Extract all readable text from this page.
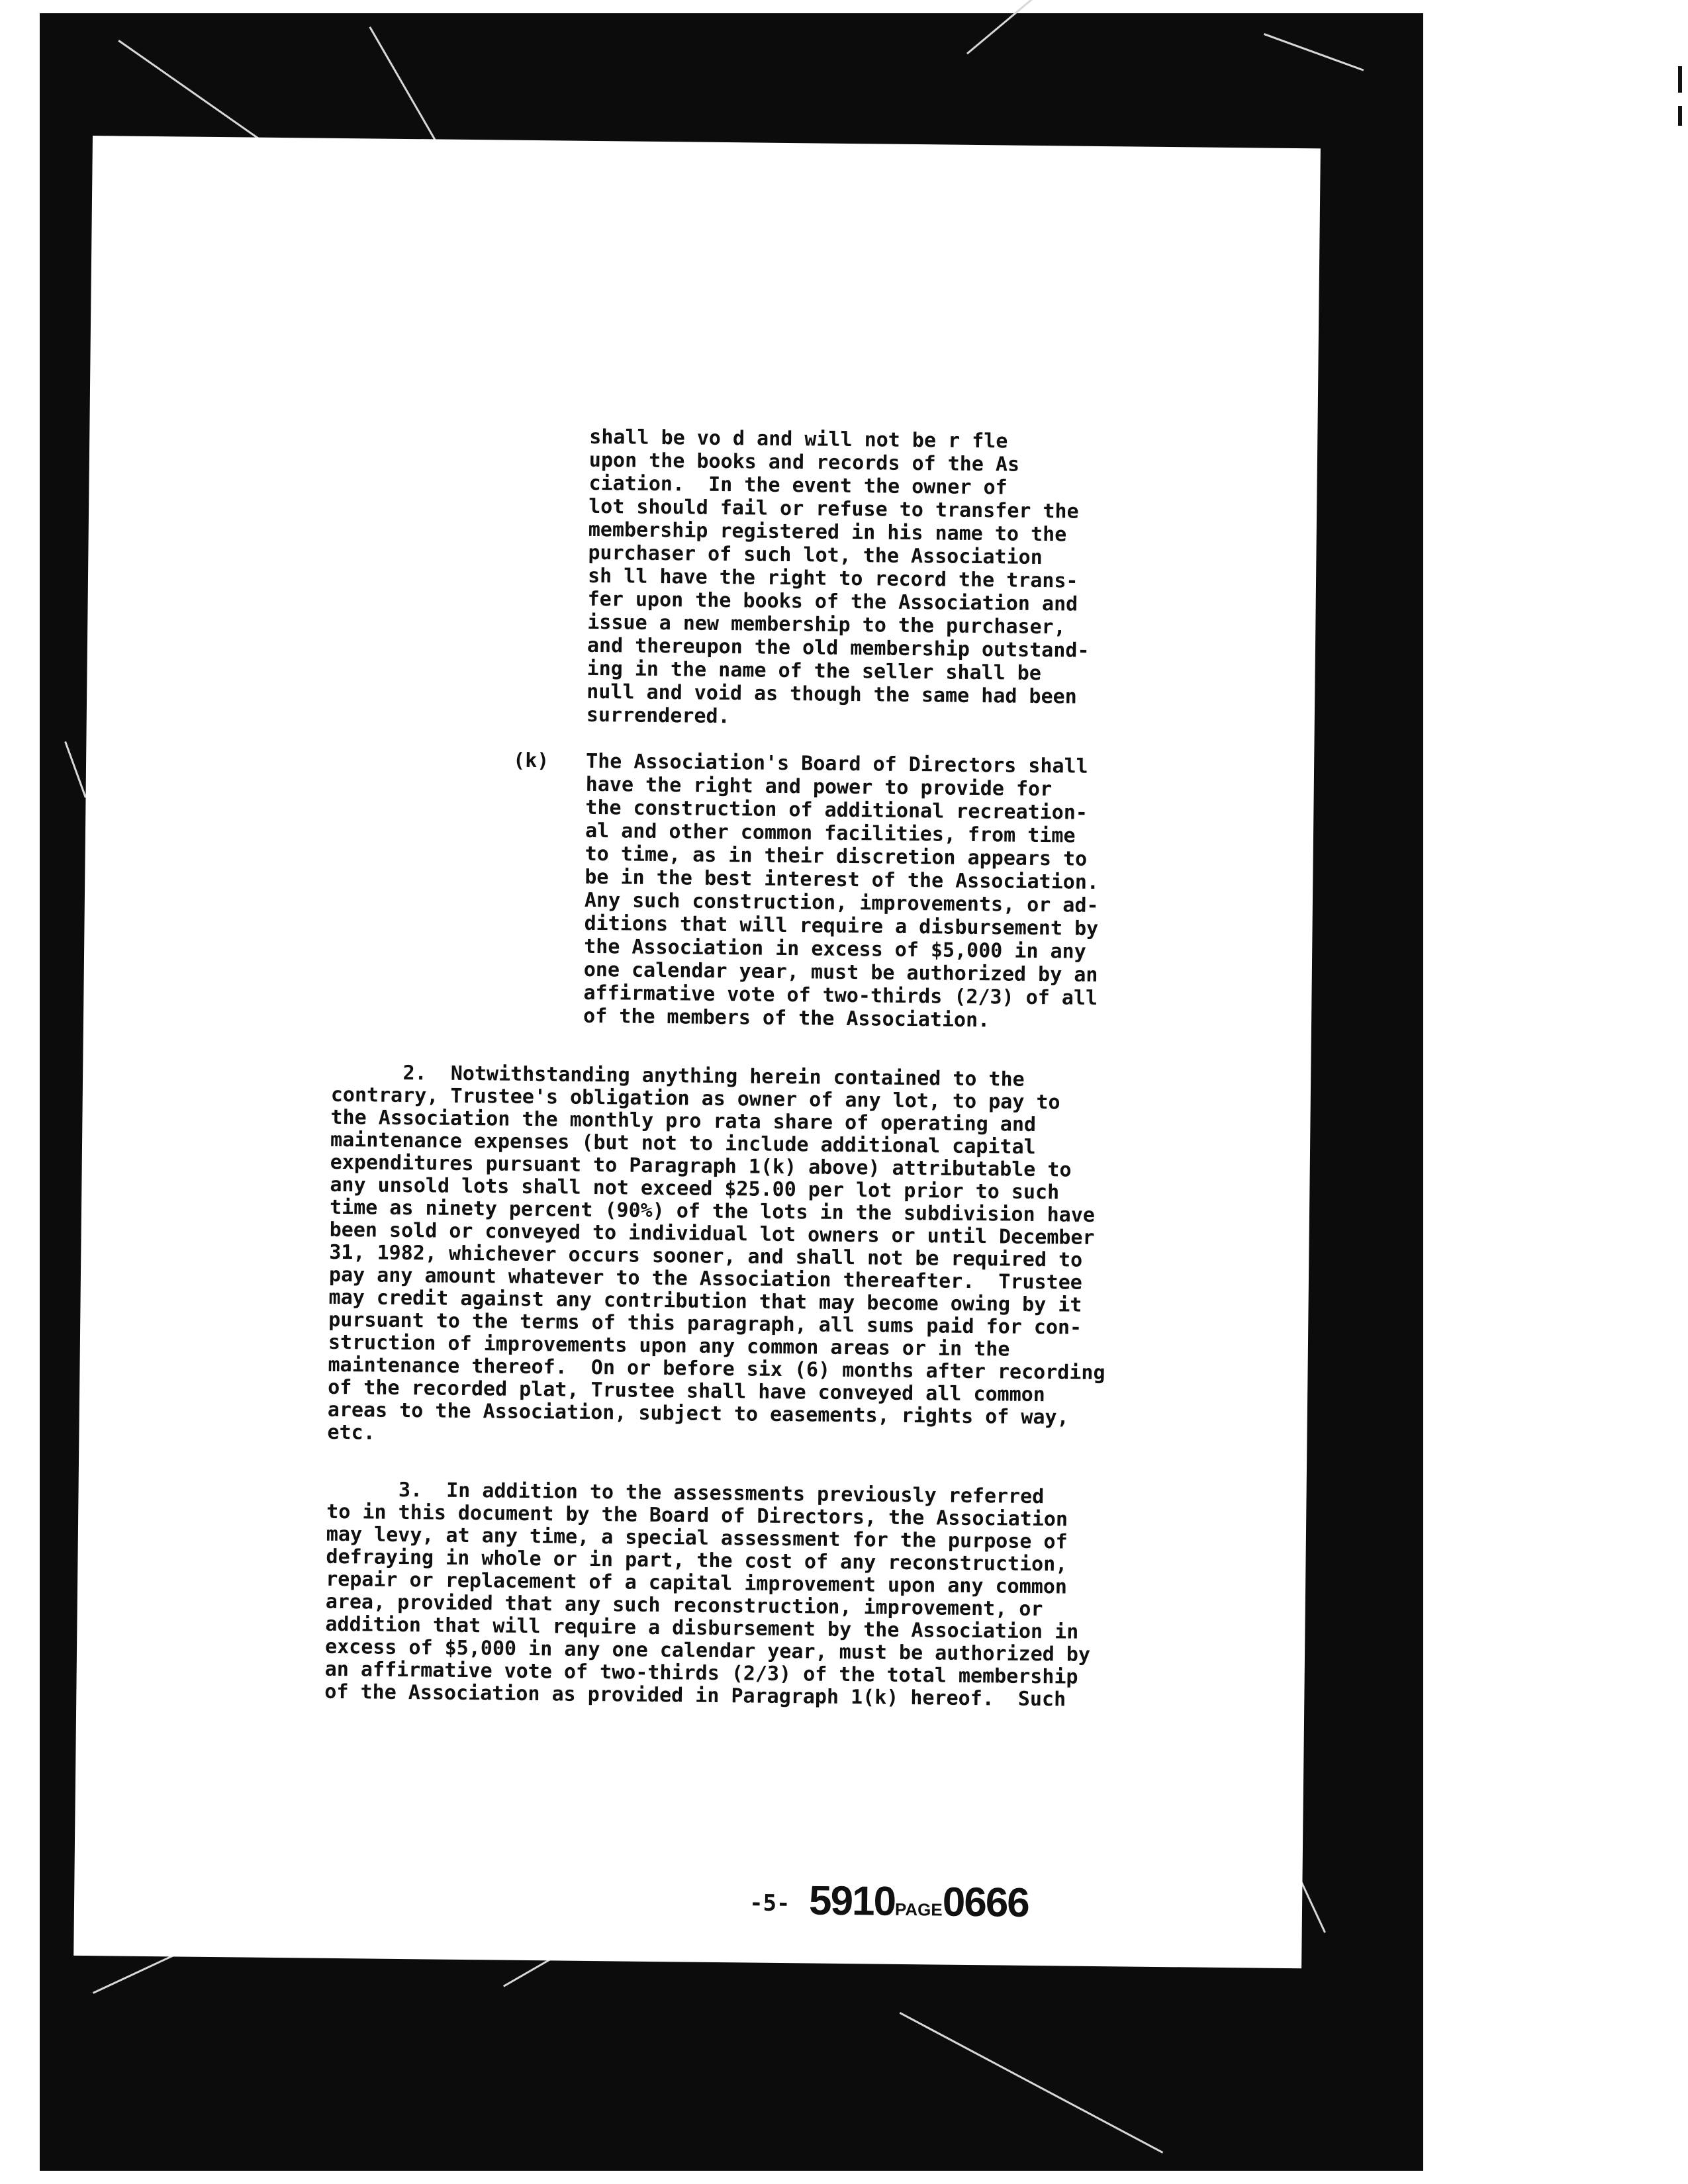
shall be vo d and will not be r fle
upon the books and records of the As
ciation.  In the event the owner of
lot should fail or refuse to transfer the
membership registered in his name to the
purchaser of such lot, the Association
sh ll have the right to record the trans-
fer upon the books of the Association and
issue a new membership to the purchaser,
and thereupon the old membership outstand-
ing in the name of the seller shall be
null and void as though the same had been
surrendered.

(k) The Association's Board of Directors shall
have the right and power to provide for
the construction of additional recreation-
al and other common facilities, from time
to time, as in their discretion appears to
be in the best interest of the Association.
Any such construction, improvements, or ad-
ditions that will require a disbursement by
the Association in excess of $5,000 in any
one calendar year, must be authorized by an
affirmative vote of two-thirds (2/3) of all
of the members of the Association.

2.  Notwithstanding anything herein contained to the
contrary, Trustee's obligation as owner of any lot, to pay to
the Association the monthly pro rata share of operating and
maintenance expenses (but not to include additional capital
expenditures pursuant to Paragraph 1(k) above) attributable to
any unsold lots shall not exceed $25.00 per lot prior to such
time as ninety percent (90%) of the lots in the subdivision have
been sold or conveyed to individual lot owners or until December
31, 1982, whichever occurs sooner, and shall not be required to
pay any amount whatever to the Association thereafter.  Trustee
may credit against any contribution that may become owing by it
pursuant to the terms of this paragraph, all sums paid for con-
struction of improvements upon any common areas or in the
maintenance thereof.  On or before six (6) months after recording
of the recorded plat, Trustee shall have conveyed all common
areas to the Association, subject to easements, rights of way,
etc.

3.  In addition to the assessments previously referred
to in this document by the Board of Directors, the Association
may levy, at any time, a special assessment for the purpose of
defraying in whole or in part, the cost of any reconstruction,
repair or replacement of a capital improvement upon any common
area, provided that any such reconstruction, improvement, or
addition that will require a disbursement by the Association in
excess of $5,000 in any one calendar year, must be authorized by
an affirmative vote of two-thirds (2/3) of the total membership
of the Association as provided in Paragraph 1(k) hereof.  Such

-5- 5910PAGE0666
